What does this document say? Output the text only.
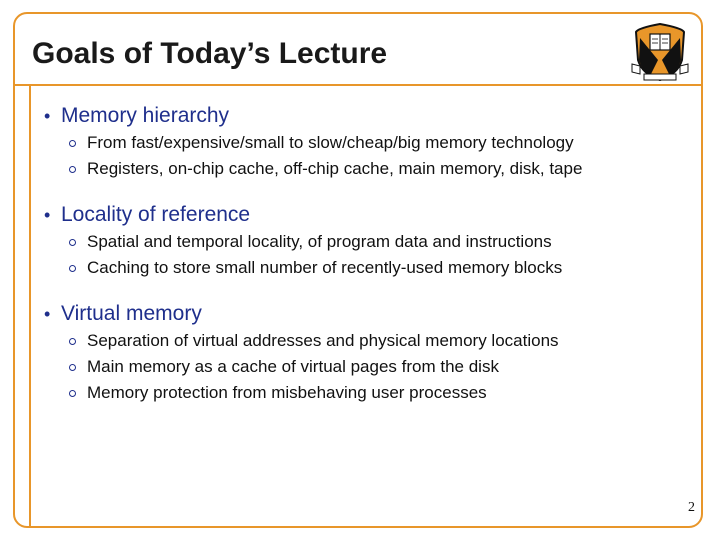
Goals of Today’s Lecture
• Memory hierarchy
From fast/expensive/small to slow/cheap/big memory technology
Registers, on-chip cache, off-chip cache, main memory, disk, tape
• Locality of reference
Spatial and temporal locality, of program data and instructions
Caching to store small number of recently-used memory blocks
• Virtual memory
Separation of virtual addresses and physical memory locations
Main memory as a cache of virtual pages from the disk
Memory protection from misbehaving user processes
2
